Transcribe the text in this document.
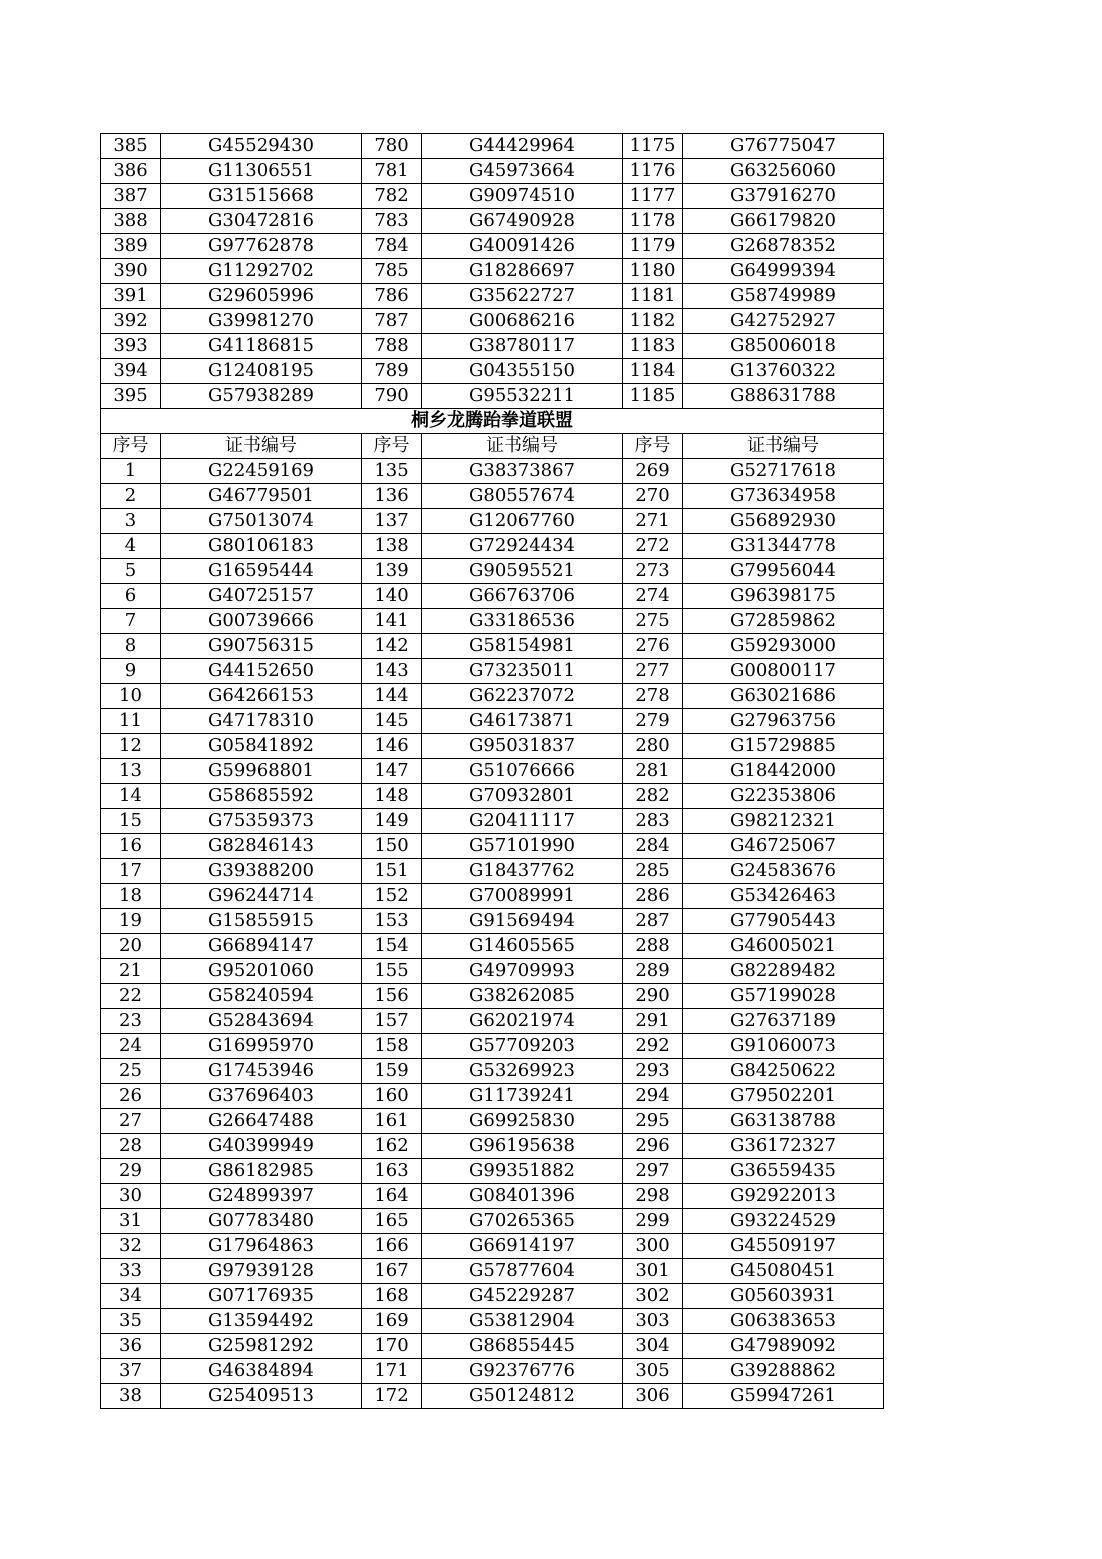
385	G45529430	780	G44429964	1175	G76775047
386	G11306551	781	G45973664	1176	G63256060
387	G31515668	782	G90974510	1177	G37916270
388	G30472816	783	G67490928	1178	G66179820
389	G97762878	784	G40091426	1179	G26878352
390	G11292702	785	G18286697	1180	G64999394
391	G29605996	786	G35622727	1181	G58749989
392	G39981270	787	G00686216	1182	G42752927
393	G41186815	788	G38780117	1183	G85006018
394	G12408195	789	G04355150	1184	G13760322
395	G57938289	790	G95532211	1185	G88631788
桐乡龙腾跆拳道联盟					
序号	证书编号	序号	证书编号	序号	证书编号
1	G22459169	135	G38373867	269	G52717618
2	G46779501	136	G80557674	270	G73634958
3	G75013074	137	G12067760	271	G56892930
4	G80106183	138	G72924434	272	G31344778
5	G16595444	139	G90595521	273	G79956044
6	G40725157	140	G66763706	274	G96398175
7	G00739666	141	G33186536	275	G72859862
8	G90756315	142	G58154981	276	G59293000
9	G44152650	143	G73235011	277	G00800117
10	G64266153	144	G62237072	278	G63021686
11	G47178310	145	G46173871	279	G27963756
12	G05841892	146	G95031837	280	G15729885
13	G59968801	147	G51076666	281	G18442000
14	G58685592	148	G70932801	282	G22353806
15	G75359373	149	G20411117	283	G98212321
16	G82846143	150	G57101990	284	G46725067
17	G39388200	151	G18437762	285	G24583676
18	G96244714	152	G70089991	286	G53426463
19	G15855915	153	G91569494	287	G77905443
20	G66894147	154	G14605565	288	G46005021
21	G95201060	155	G49709993	289	G82289482
22	G58240594	156	G38262085	290	G57199028
23	G52843694	157	G62021974	291	G27637189
24	G16995970	158	G57709203	292	G91060073
25	G17453946	159	G53269923	293	G84250622
26	G37696403	160	G11739241	294	G79502201
27	G26647488	161	G69925830	295	G63138788
28	G40399949	162	G96195638	296	G36172327
29	G86182985	163	G99351882	297	G36559435
30	G24899397	164	G08401396	298	G92922013
31	G07783480	165	G70265365	299	G93224529
32	G17964863	166	G66914197	300	G45509197
33	G97939128	167	G57877604	301	G45080451
34	G07176935	168	G45229287	302	G05603931
35	G13594492	169	G53812904	303	G06383653
36	G25981292	170	G86855445	304	G47989092
37	G46384894	171	G92376776	305	G39288862
38	G25409513	172	G50124812	306	G59947261
